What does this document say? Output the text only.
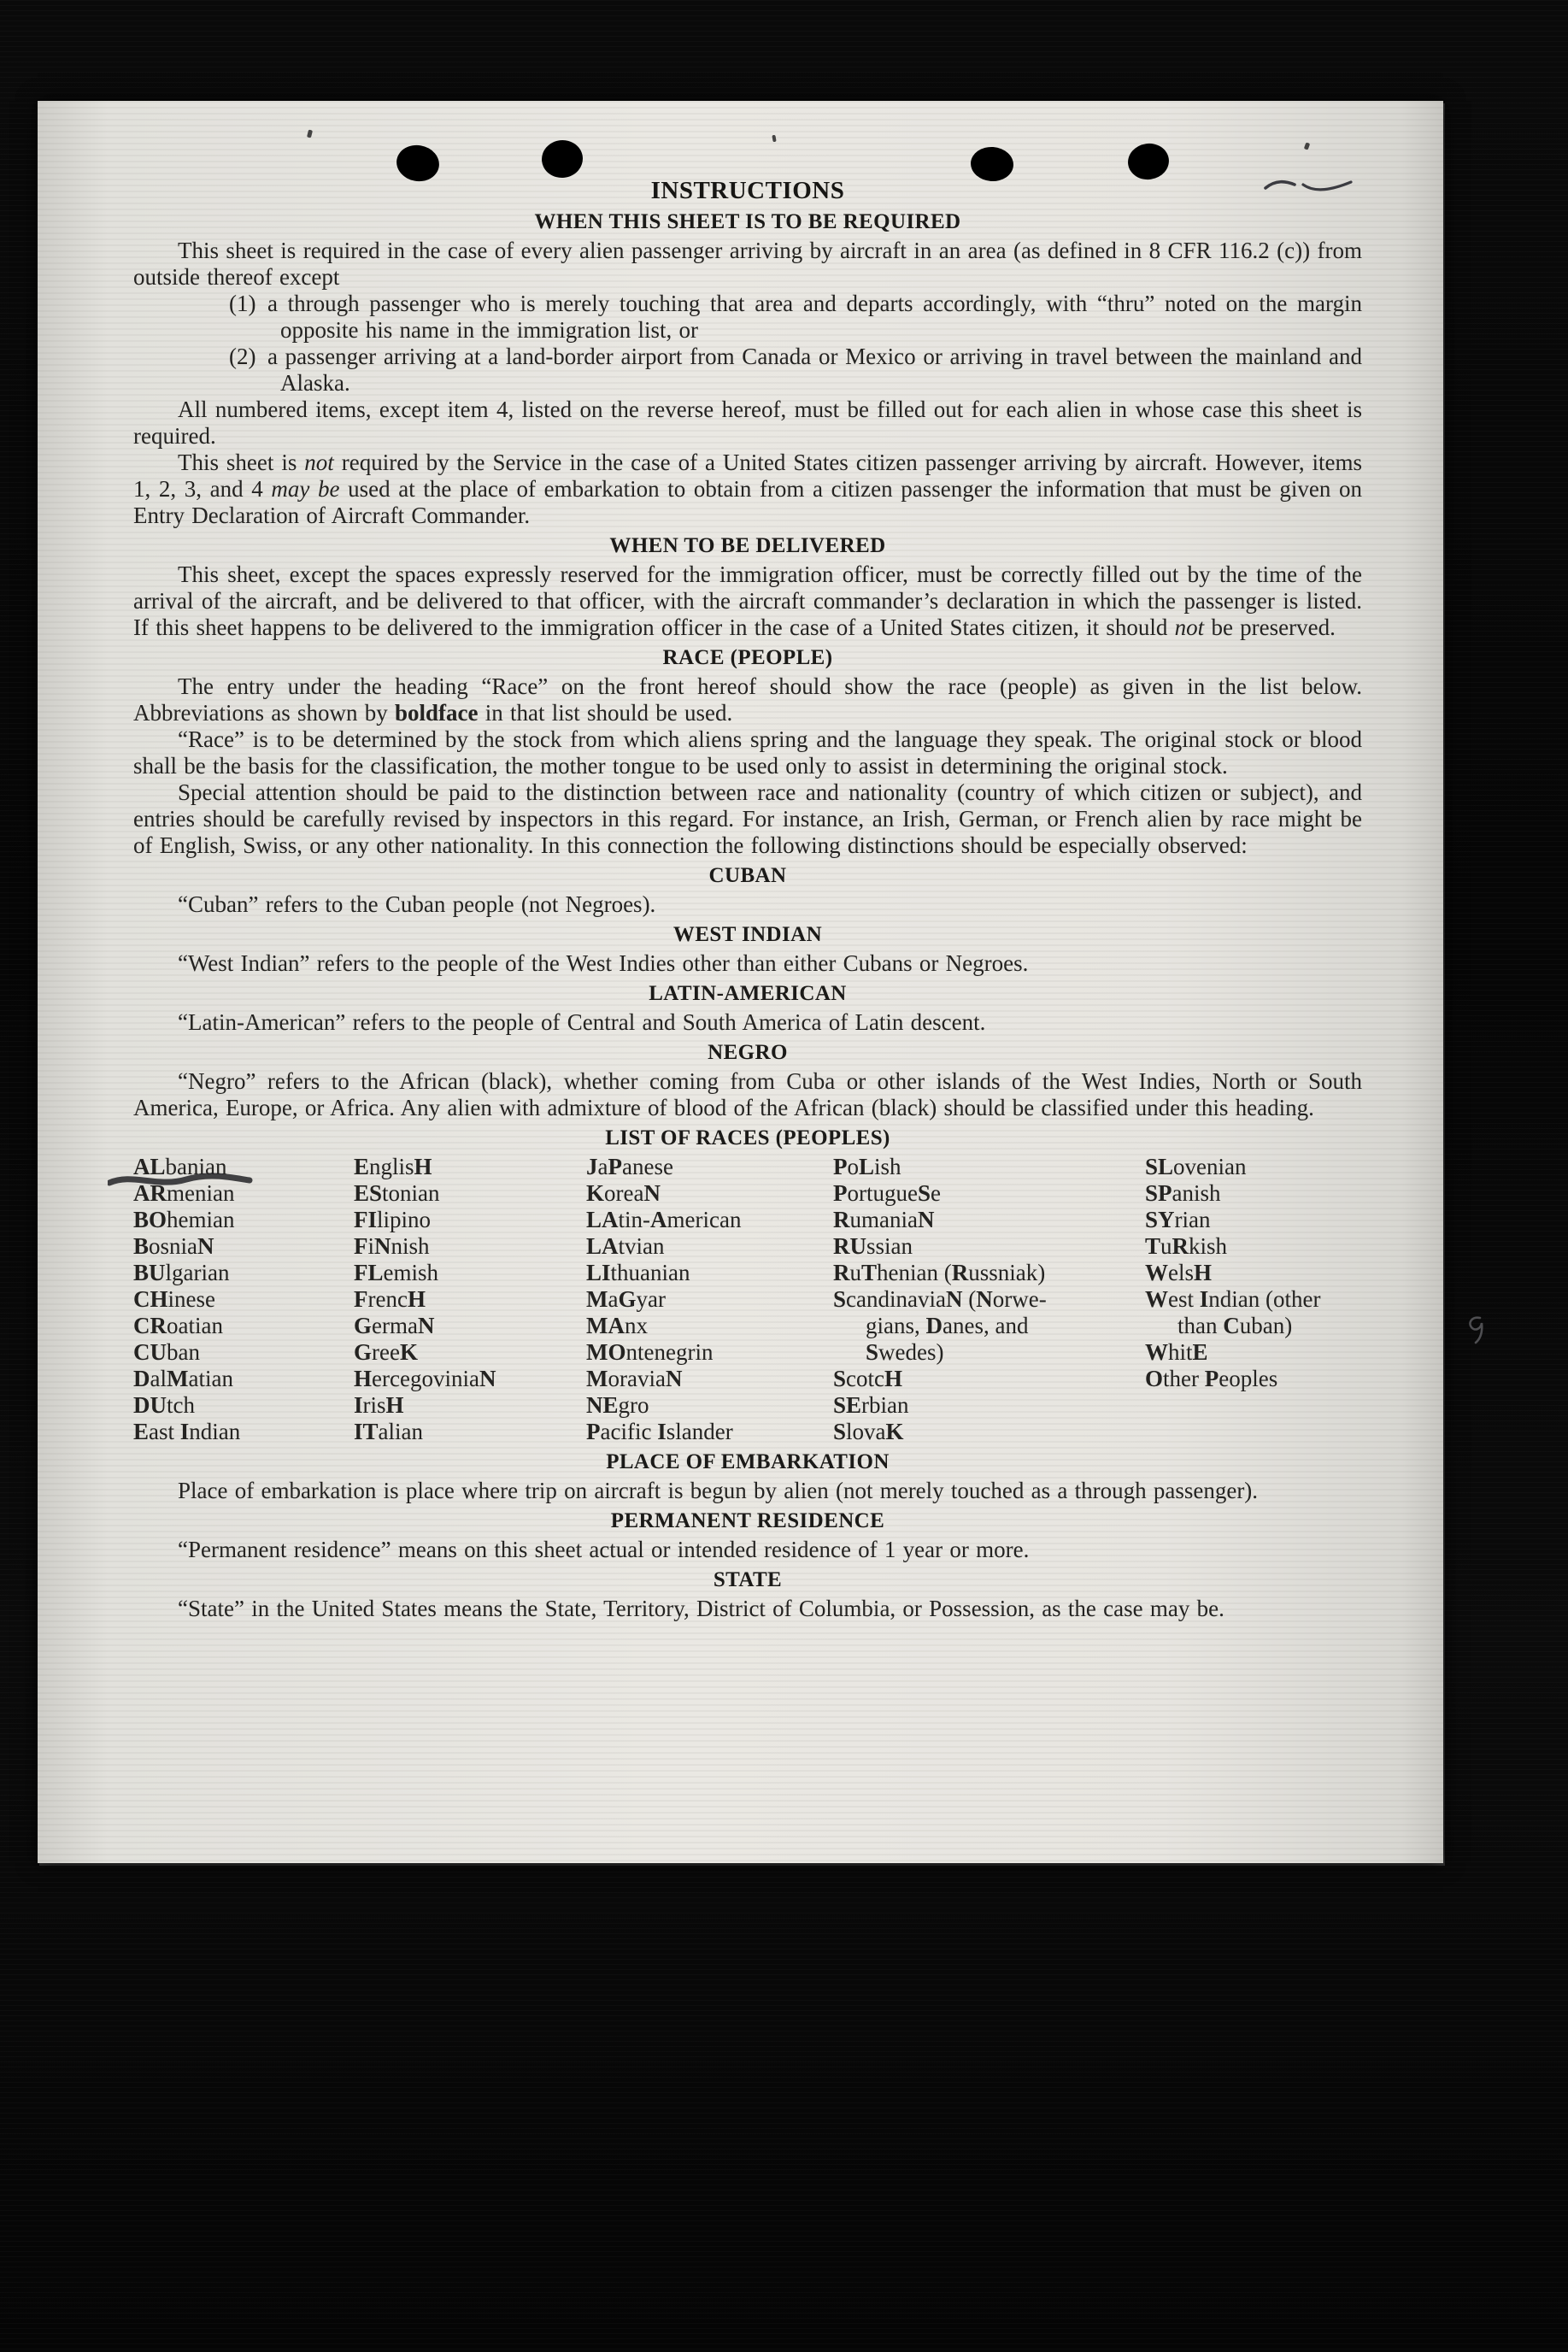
INSTRUCTIONS
WHEN THIS SHEET IS TO BE REQUIRED

This sheet is required in the case of every alien passenger arriving by aircraft in an area (as defined in 8 CFR 116.2 (c)) from outside thereof except

(1) a through passenger who is merely touching that area and departs accordingly, with “thru” noted on the margin opposite his name in the immigration list, or

(2) a passenger arriving at a land-border airport from Canada or Mexico or arriving in travel between the mainland and Alaska.

All numbered items, except item 4, listed on the reverse hereof, must be filled out for each alien in whose case this sheet is required.

This sheet is not required by the Service in the case of a United States citizen passenger arriving by aircraft. However, items 1, 2, 3, and 4 may be used at the place of embarkation to obtain from a citizen passenger the information that must be given on Entry Declaration of Aircraft Commander.

WHEN TO BE DELIVERED

This sheet, except the spaces expressly reserved for the immigration officer, must be correctly filled out by the time of the arrival of the aircraft, and be delivered to that officer, with the aircraft commander’s declaration in which the passenger is listed. If this sheet happens to be delivered to the immigration officer in the case of a United States citizen, it should not be preserved.

RACE (PEOPLE)

The entry under the heading “Race” on the front hereof should show the race (people) as given in the list below. Abbreviations as shown by boldface in that list should be used.

“Race” is to be determined by the stock from which aliens spring and the language they speak. The original stock or blood shall be the basis for the classification, the mother tongue to be used only to assist in determining the original stock.

Special attention should be paid to the distinction between race and nationality (country of which citizen or subject), and entries should be carefully revised by inspectors in this regard. For instance, an Irish, German, or French alien by race might be of English, Swiss, or any other nationality. In this connection the following distinctions should be especially observed:

CUBAN

“Cuban” refers to the Cuban people (not Negroes).

WEST INDIAN

“West Indian” refers to the people of the West Indies other than either Cubans or Negroes.

LATIN-AMERICAN

“Latin-American” refers to the people of Central and South America of Latin descent.

NEGRO

“Negro” refers to the African (black), whether coming from Cuba or other islands of the West Indies, North or South America, Europe, or Africa. Any alien with admixture of blood of the African (black) should be classified under this heading.

LIST OF RACES (PEOPLES)
ALbanian
ARmenian
BOhemian
BosniaN
BUlgarian
CHinese
CRoatian
CUban
DalMatian
DUtch
East Indian
EnglisH
EStonian
FIlipino
FiNnish
FLemish
FrencH
GermaN
GreeK
HercegoviniaN
IrisH
ITalian
JaPanese
KoreaN
LAtin-American
LAtvian
LIthuanian
MaGyar
MAnx
MOntenegrin
MoraviaN
NEgro
Pacific Islander
PoLish
PortugueSe
RumaniaN
RUssian
RuThenian (Russniak)
ScandinaviaN (Norwe-
gians, Danes, and
Swedes)
ScotcH
SErbian
SlovaK
SLovenian
SPanish
SYrian
TuRkish
WelsH
West Indian (other
than Cuban)
WhitE
Other Peoples
PLACE OF EMBARKATION

Place of embarkation is place where trip on aircraft is begun by alien (not merely touched as a through passenger).

PERMANENT RESIDENCE

“Permanent residence” means on this sheet actual or intended residence of 1 year or more.

STATE

“State” in the United States means the State, Territory, District of Columbia, or Possession, as the case may be.
